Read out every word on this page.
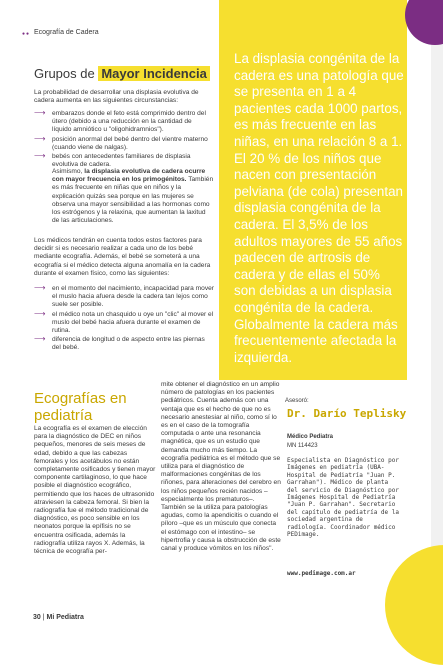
●● Ecografía de Cadera
La displasia congénita de la cadera es una patología que se presenta en 1 a 4 pacientes cada 1000 partos, es más frecuente en las niñas, en una relación 8 a 1. El 20 % de los niños que nacen con presentación pelviana (de cola) presentan displasia congénita de la cadera. El 3,5% de los adultos mayores de 55 años padecen de artrosis de cadera y de ellas el 50% son debidas a un displasia congénita de la cadera. Globalmente la cadera más frecuentemente afectada la izquierda.
Grupos de Mayor Incidencia
La probabilidad de desarrollar una displasia evolutiva de cadera aumenta en las siguientes circunstancias:
⟶ embarazos donde el feto está comprimido dentro del útero (debido a una reducción en la cantidad de líquido amniótico u "oligohidramnios").
⟶ posición anormal del bebé dentro del vientre materno (cuando viene de nalgas).
⟶ bebés con antecedentes familiares de displasia evolutiva de cadera.
Asimismo, la displasia evolutiva de cadera ocurre con mayor frecuencia en los primogénitos. También es más frecuente en niñas que en niños y la explicación quizás sea porque en las mujeres se observa una mayor sensibilidad a las hormonas como los estrógenos y la relaxina, que aumentan la laxitud de las articulaciones.
Los médicos tendrán en cuenta todos estos factores para decidir si es necesario realizar a cada uno de los bebé mediante ecografía. Además, el bebé se someterá a una ecografía si el médico detecta alguna anomalía en la cadera durante el examen físico, como las siguientes:
⟶ en el momento del nacimiento, incapacidad para mover el muslo hacia afuera desde la cadera tan lejos como suele ser posible.
⟶ el médico nota un chasquido u oye un "clic" al mover el muslo del bebé hacia afuera durante el examen de rutina.
⟶ diferencia de longitud o de aspecto entre las piernas del bebé.
Ecografías en pediatría
La ecografía es el examen de elección para la diagnóstico de DEC en niños pequeños, menores de seis meses de edad, debido a que las cabezas femorales y los acetábulos no están completamente osificados y tienen mayor componente cartilaginoso, lo que hace posible el diagnóstico ecográfico, permitiendo que los haces de ultrasonido atraviesen la cabeza femoral. Si bien la radiografía fue el método tradicional de diagnóstico, es poco sensible en los neonatos porque la epífisis no se encuentra osificada, además la radiografía utiliza rayos X. Además, la técnica de ecografía per-
mite obtener el diagnóstico en un amplio número de patologías en los pacientes pediátricos. Cuenta además con una ventaja que es el hecho de que no es necesario anestesiar al niño, como sí lo es en el caso de la tomografía computada o ante una resonancia magnética, que es un estudio que demanda mucho más tiempo. La ecografía pediátrica es el método que se utiliza para el diagnóstico de malformaciones congénitas de los riñones, para alteraciones del cerebro en los niños pequeños recién nacidos –especialmente los prematuros–. También se la utiliza para patologías agudas, como la apendicitis o cuando el píloro –que es un músculo que conecta el estómago con el intestino– se hipertrofia y causa la obstrucción de este canal y produce vómitos en los niños".
Asesoró:
Dr. Darío Teplisky
Médico Pediatra
MN 114423
Especialista en Diagnóstico por Imágenes en pediatría (UBA-Hospital de Pediatría "Juan P. Garrahan"). Médico de planta del servicio de Diagnóstico por Imágenes Hospital de Pediatría "Juan P. Garrahan". Secretario del capítulo de pediatría de la sociedad argentina de radiología. Coordinador médico PEDimage.
www.pedimage.com.ar
30 | Mi Pediatra
